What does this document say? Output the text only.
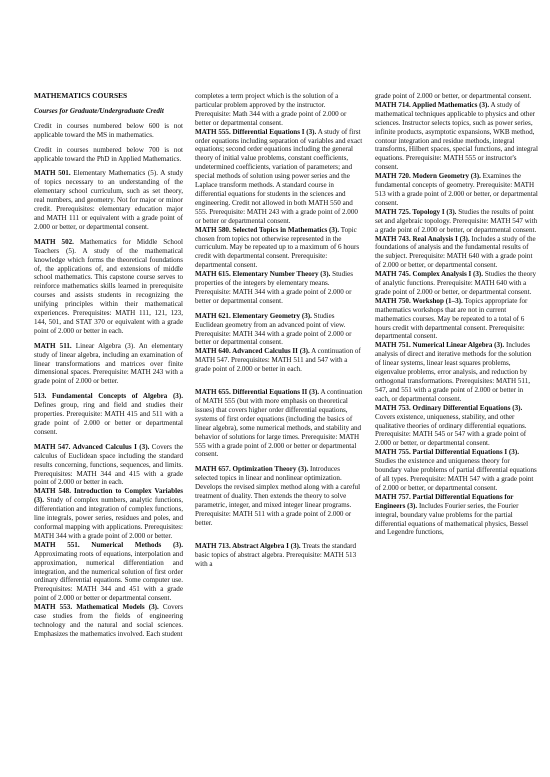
MATHEMATICS COURSES

Courses for Graduate/Undergraduate Credit

Credit in courses numbered below 600 is not applicable toward the MS in mathematics.

Credit in courses numbered below 700 is not applicable toward the PhD in Applied Mathematics.

MATH 501. Elementary Mathematics (5). A study of topics necessary to an understanding of the elementary school curriculum, such as set theory, real numbers, and geometry. Not for major or minor credit. Prerequisites: elementary education major and MATH 111 or equivalent with a grade point of 2.000 or better, or departmental consent.

MATH 502. Mathematics for Middle School Teachers (5). A study of the mathematical knowledge which forms the theoretical foundations of, the applications of, and extensions of middle school mathematics. This capstone course serves to reinforce mathematics skills learned in prerequisite courses and assists students in recognizing the unifying principles within their mathematical experiences. Prerequisites: MATH 111, 121, 123, 144, 501, and STAT 370 or equivalent with a grade point of 2.000 or better in each.

MATH 511. Linear Algebra (3). An elementary study of linear algebra, including an examination of linear transformations and matrices over finite dimensional spaces. Prerequisite: MATH 243 with a grade point of 2.000 or better.

513. Fundamental Concepts of Algebra (3). Defines group, ring and field and studies their properties. Prerequisite: MATH 415 and 511 with a grade point of 2.000 or better or departmental consent.

MATH 547. Advanced Calculus I (3). Covers the calculus of Euclidean space including the standard results concerning, functions, sequences, and limits. Prerequisites: MATH 344 and 415 with a grade point of 2.000 or better in each.

MATH 548. Introduction to Complex Variables (3). Study of complex numbers, analytic functions, differentiation and integration of complex functions, line integrals, power series, residues and poles, and conformal mapping with applications. Prerequisites: MATH 344 with a grade point of 2.000 or better.

MATH 551. Numerical Methods (3). Approximating roots of equations, interpolation and approximation, numerical differentiation and integration, and the numerical solution of first order ordinary differential equations. Some computer use. Prerequisites: MATH 344 and 451 with a grade point of 2.000 or better or departmental consent.

MATH 553. Mathematical Models (3). Covers case studies from the fields of engineering technology and the natural and social sciences. Emphasizes the mathematics involved. Each student

completes a term project which is the solution of a particular problem approved by the instructor. Prerequisite: Math 344 with a grade point of 2.000 or better or departmental consent.

MATH 555. Differential Equations I (3). A study of first order equations including separation of variables and exact equations; second order equations including the general theory of initial value problems, constant coefficients, undetermined coefficients, variation of parameters; and special methods of solution using power series and the Laplace transform methods. A standard course in differential equations for students in the sciences and engineering. Credit not allowed in both MATH 550 and 555. Prerequisite: MATH 243 with a grade point of 2.000 or better or departmental consent.

MATH 580. Selected Topics in Mathematics (3). Topic chosen from topics not otherwise represented in the curriculum. May be repeated up to a maximum of 6 hours credit with departmental consent. Prerequisite: departmental consent.

MATH 615. Elementary Number Theory (3). Studies properties of the integers by elementary means. Prerequisite: MATH 344 with a grade point of 2.000 or better or departmental consent.

MATH 621. Elementary Geometry (3). Studies Euclidean geometry from an advanced point of view. Prerequisite: MATH 344 with a grade point of 2.000 or better or departmental consent.

MATH 640. Advanced Calculus II (3). A continuation of MATH 547. Prerequisites: MATH 511 and 547 with a grade point of 2.000 or better in each.

MATH 655. Differential Equations II (3). A continuation of MATH 555 (but with more emphasis on theoretical issues) that covers higher order differential equations, systems of first order equations (including the basics of linear algebra), some numerical methods, and stability and behavior of solutions for large times. Prerequisite: MATH 555 with a grade point of 2.000 or better or departmental consent.

MATH 657. Optimization Theory (3). Introduces selected topics in linear and nonlinear optimization. Develops the revised simplex method along with a careful treatment of duality. Then extends the theory to solve parametric, integer, and mixed integer linear programs. Prerequisite: MATH 511 with a grade point of 2.000 or better.

MATH 713. Abstract Algebra I (3). Treats the standard basic topics of abstract algebra. Prerequisite: MATH 513 with a

grade point of 2.000 or better, or departmental consent.

MATH 714. Applied Mathematics (3). A study of mathematical techniques applicable to physics and other sciences. Instructor selects topics, such as power series, infinite products, asymptotic expansions, WKB method, contour integration and residue methods, integral transforms, Hilbert spaces, special functions, and integral equations. Prerequisite: MATH 555 or instructor's consent.

MATH 720. Modern Geometry (3). Examines the fundamental concepts of geometry. Prerequisite: MATH 513 with a grade point of 2.000 or better, or departmental consent.

MATH 725. Topology I (3). Studies the results of point set and algebraic topology. Prerequisite: MATH 547 with a grade point of 2.000 or better, or departmental consent.

MATH 743. Real Analysis I (3). Includes a study of the foundations of analysis and the fundamental results of the subject. Prerequisite: MATH 640 with a grade point of 2.000 or better, or departmental consent.

MATH 745. Complex Analysis I (3). Studies the theory of analytic functions. Prerequisite: MATH 640 with a grade point of 2.000 or better, or departmental consent.

MATH 750. Workshop (1–3). Topics appropriate for mathematics workshops that are not in current mathematics courses. May be repeated to a total of 6 hours credit with departmental consent. Prerequisite: departmental consent.

MATH 751. Numerical Linear Algebra (3). Includes analysis of direct and iterative methods for the solution of linear systems, linear least squares problems, eigenvalue problems, error analysis, and reduction by orthogonal transformations. Prerequisites: MATH 511, 547, and 551 with a grade point of 2.000 or better in each, or departmental consent.

MATH 753. Ordinary Differential Equations (3). Covers existence, uniqueness, stability, and other qualitative theories of ordinary differential equations. Prerequisite: MATH 545 or 547 with a grade point of 2.000 or better, or departmental consent.

MATH 755. Partial Differential Equations I (3). Studies the existence and uniqueness theory for boundary value problems of partial differential equations of all types. Prerequisite: MATH 547 with a grade point of 2.000 or better, or departmental consent.

MATH 757. Partial Differential Equations for Engineers (3). Includes Fourier series, the Fourier integral, boundary value problems for the partial differential equations of mathematical physics, Bessel and Legendre functions,
